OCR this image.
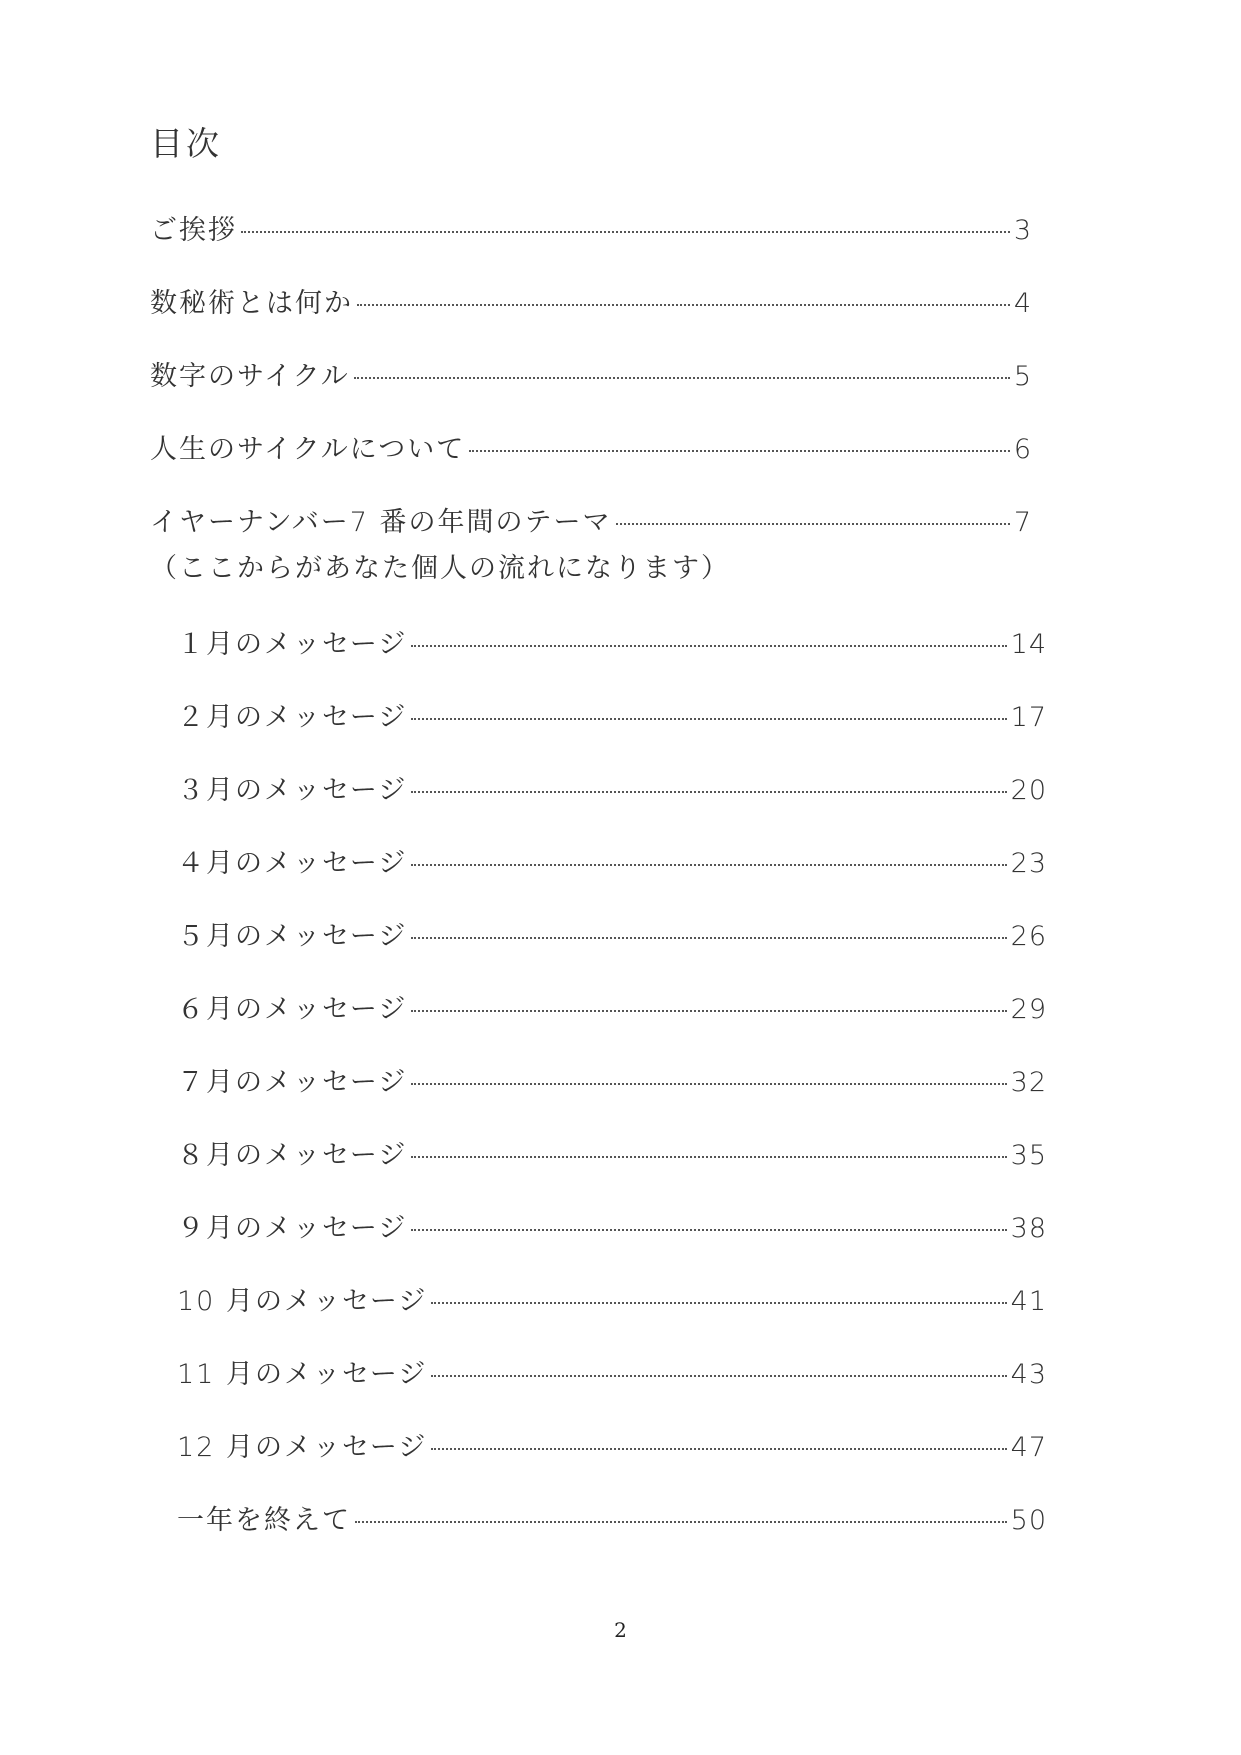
目次
ご挨拶	3
数秘術とは何か	4
数字のサイクル	5
人生のサイクルについて	6
イヤーナンバー7 番の年間のテーマ	7
（ここからがあなた個人の流れになります）
１月のメッセージ	14
２月のメッセージ	17
３月のメッセージ	20
４月のメッセージ	23
５月のメッセージ	26
６月のメッセージ	29
７月のメッセージ	32
８月のメッセージ	35
９月のメッセージ	38
10 月のメッセージ	41
11 月のメッセージ	43
12 月のメッセージ	47
一年を終えて	50
2
